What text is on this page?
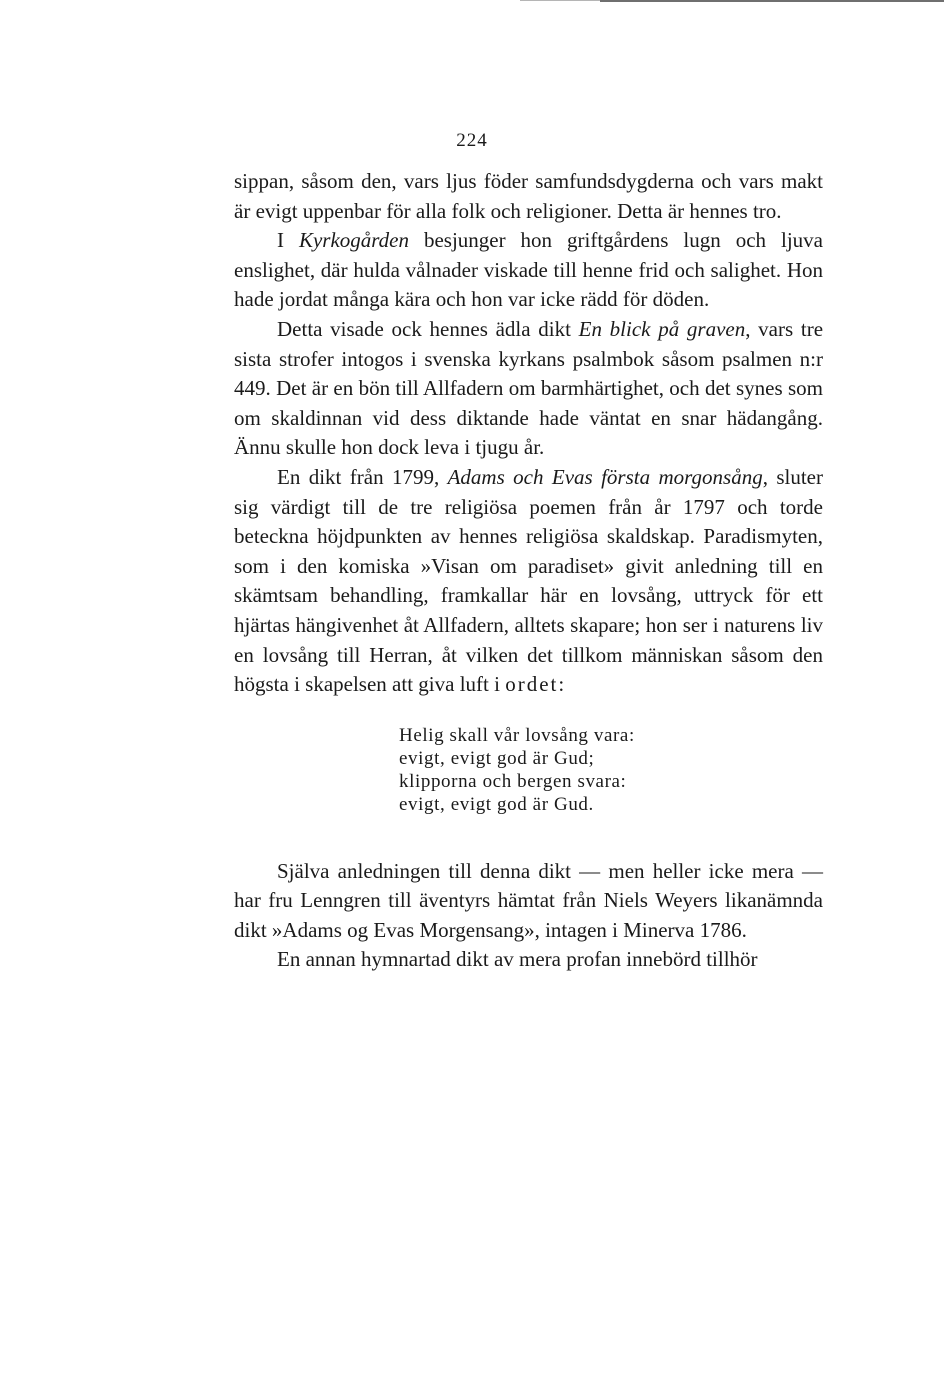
224

sippan, såsom den, vars ljus föder samfundsdygderna och vars makt är evigt uppenbar för alla folk och religioner. Detta är hennes tro.

I Kyrkogården besjunger hon griftgårdens lugn och ljuva enslighet, där hulda vålnader viskade till henne frid och salighet. Hon hade jordat många kära och hon var icke rädd för döden.

Detta visade ock hennes ädla dikt En blick på graven, vars tre sista strofer intogos i svenska kyrkans psalmbok såsom psalmen n:r 449. Det är en bön till Allfadern om barmhärtighet, och det synes som om skaldinnan vid dess diktande hade väntat en snar hädangång. Ännu skulle hon dock leva i tjugu år.

En dikt från 1799, Adams och Evas första morgonsång, sluter sig värdigt till de tre religiösa poemen från år 1797 och torde beteckna höjdpunkten av hennes religiösa skaldskap. Paradismyten, som i den komiska »Visan om paradiset» givit anledning till en skämtsam behandling, framkallar här en lovsång, uttryck för ett hjärtas hängivenhet åt Allfadern, alltets skapare; hon ser i naturens liv en lovsång till Herran, åt vilken det tillkom människan såsom den högsta i skapelsen att giva luft i ordet:

Helig skall vår lovsång vara:
evigt, evigt god är Gud;
klipporna och bergen svara:
evigt, evigt god är Gud.

Själva anledningen till denna dikt — men heller icke mera — har fru Lenngren till äventyrs hämtat från Niels Weyers likanämnda dikt »Adams og Evas Morgensang», intagen i Minerva 1786.

En annan hymnartad dikt av mera profan innebörd tillhör
